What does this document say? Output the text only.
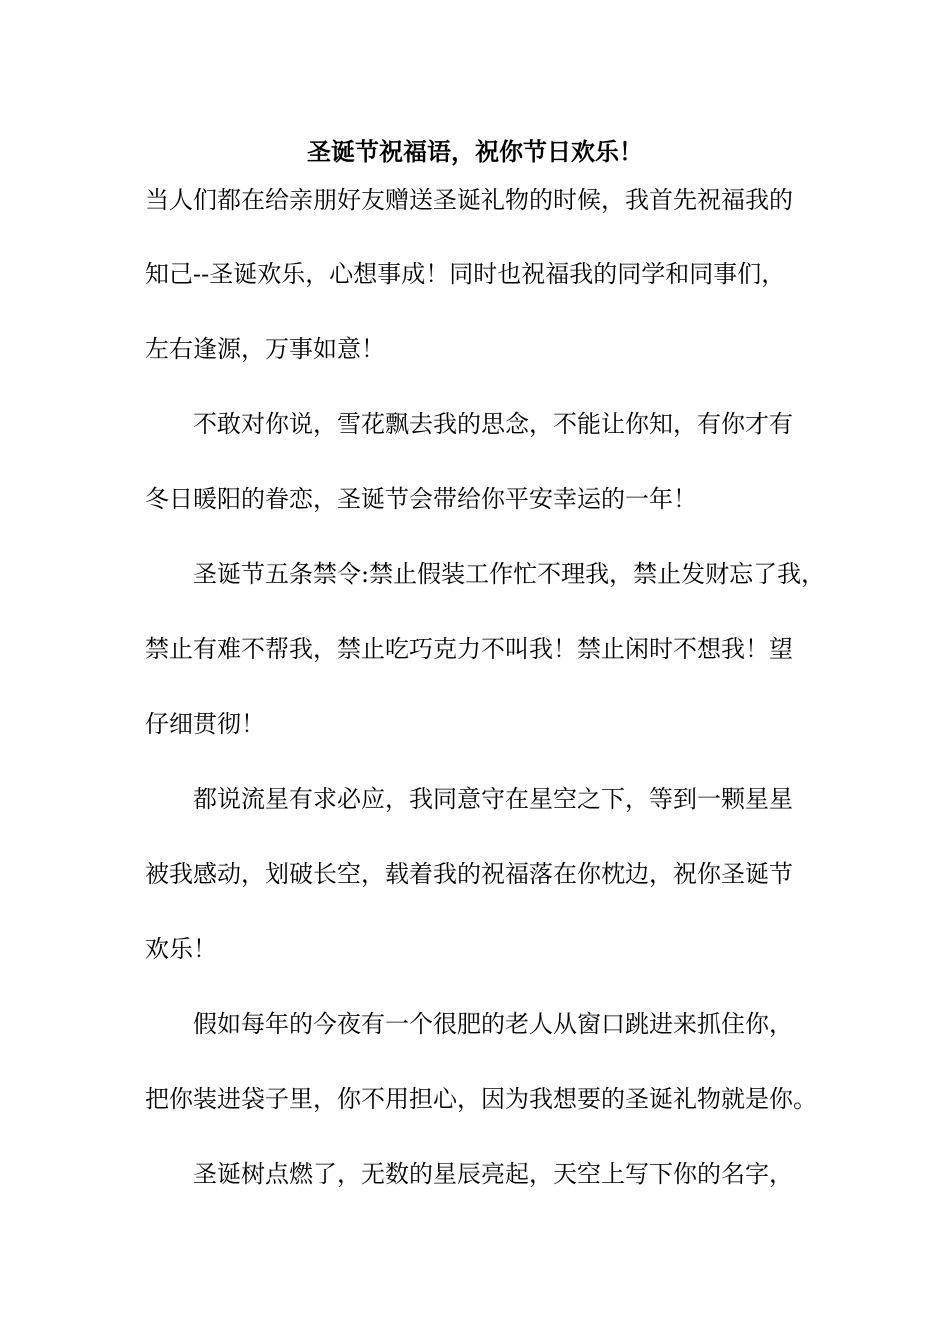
圣诞节祝福语，祝你节日欢乐！
当人们都在给亲朋好友赠送圣诞礼物的时候，我首先祝福我的
知己--圣诞欢乐，心想事成！同时也祝福我的同学和同事们，
左右逢源，万事如意！
　　不敢对你说，雪花飘去我的思念，不能让你知，有你才有
冬日暖阳的眷恋，圣诞节会带给你平安幸运的一年！
　　圣诞节五条禁令:禁止假装工作忙不理我，禁止发财忘了我，
禁止有难不帮我，禁止吃巧克力不叫我！禁止闲时不想我！望
仔细贯彻！
　　都说流星有求必应，我同意守在星空之下，等到一颗星星
被我感动，划破长空，载着我的祝福落在你枕边，祝你圣诞节
欢乐！
　　假如每年的今夜有一个很肥的老人从窗口跳进来抓住你，
把你装进袋子里，你不用担心，因为我想要的圣诞礼物就是你。
　　圣诞树点燃了，无数的星辰亮起，天空上写下你的名字，
